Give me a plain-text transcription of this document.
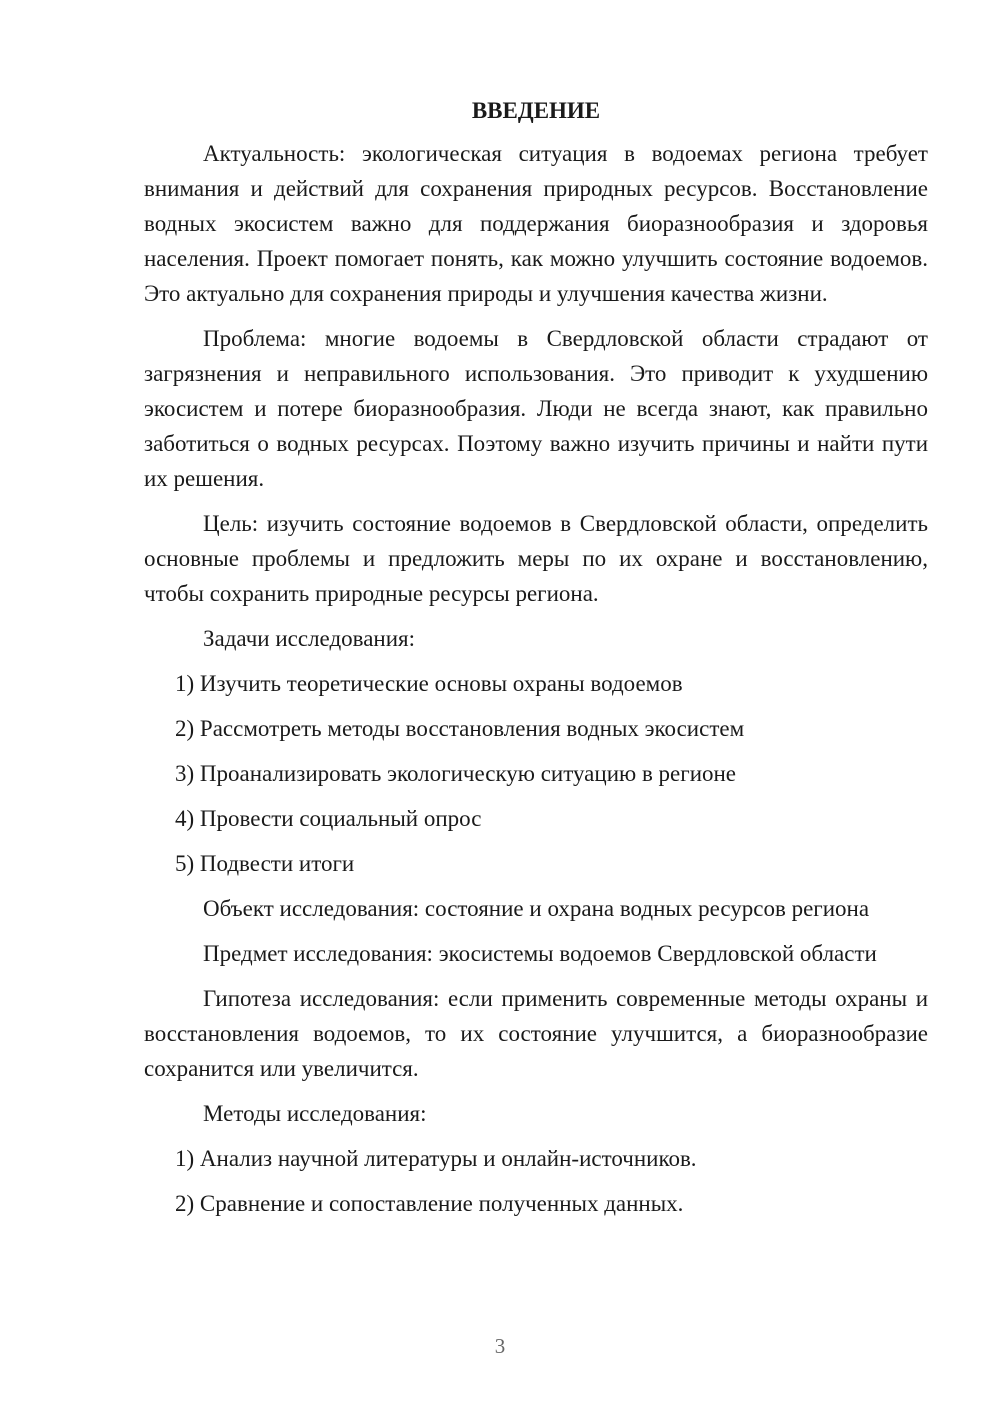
ВВЕДЕНИЕ

Актуальность: экологическая ситуация в водоемах региона требует внимания и действий для сохранения природных ресурсов. Восстановление водных экосистем важно для поддержания биоразнообразия и здоровья населения. Проект помогает понять, как можно улучшить состояние водоемов. Это актуально для сохранения природы и улучшения качества жизни.

Проблема: многие водоемы в Свердловской области страдают от загрязнения и неправильного использования. Это приводит к ухудшению экосистем и потере биоразнообразия. Люди не всегда знают, как правильно заботиться о водных ресурсах. Поэтому важно изучить причины и найти пути их решения.

Цель: изучить состояние водоемов в Свердловской области, определить основные проблемы и предложить меры по их охране и восстановлению, чтобы сохранить природные ресурсы региона.

Задачи исследования:

1) Изучить теоретические основы охраны водоемов
2) Рассмотреть методы восстановления водных экосистем
3) Проанализировать экологическую ситуацию в регионе
4) Провести социальный опрос
5) Подвести итоги

Объект исследования: состояние и охрана водных ресурсов региона

Предмет исследования: экосистемы водоемов Свердловской области

Гипотеза исследования: если применить современные методы охраны и восстановления водоемов, то их состояние улучшится, а биоразнообразие сохранится или увеличится.

Методы исследования:

1) Анализ научной литературы и онлайн-источников.
2) Сравнение и сопоставление полученных данных.
3
